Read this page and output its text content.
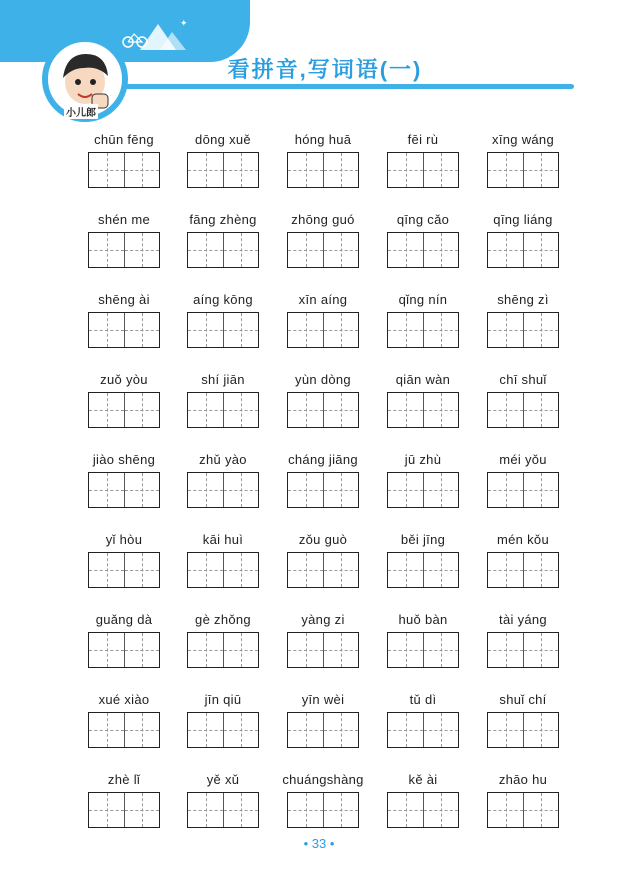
✦
看拼音,写词语(一)
小儿郎
chūn fēng	dōng xuě	hóng huā	fēi rù	xīng wáng
shén me	fāng zhèng	zhōng guó	qīng cǎo	qīng liáng
shēng ài	aíng kōng	xīn aíng	qǐng nín	shēng zì
zuǒ yòu	shí jiān	yùn dòng	qiān wàn	chī shuǐ
jiào shēng	zhǔ yào	cháng jiāng	jū zhù	méi yǒu
yǐ hòu	kāi huì	zǒu guò	běi jīng	mén kǒu
guǎng dà	gè zhǒng	yàng zi	huǒ bàn	tài yáng
xué xiào	jīn qiū	yīn wèi	tǔ dì	shuǐ chí
zhè lǐ	yě xǔ	chuángshàng	kě ài	zhāo hu
• 33 •
